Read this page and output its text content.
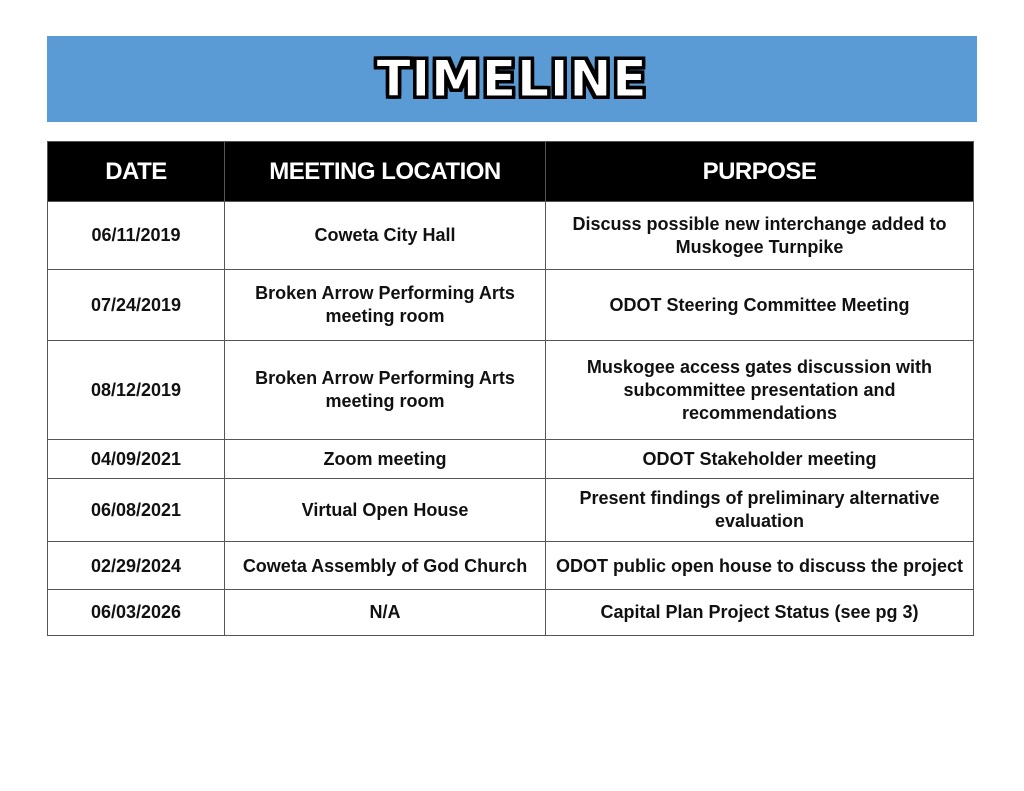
TIMELINE
DATE	MEETING LOCATION	PURPOSE
06/11/2019	Coweta City Hall	Discuss possible new interchange added to Muskogee Turnpike
07/24/2019	Broken Arrow Performing Arts meeting room	ODOT Steering Committee Meeting
08/12/2019	Broken Arrow Performing Arts meeting room	Muskogee access gates discussion with subcommittee presentation and recommendations
04/09/2021	Zoom meeting	ODOT Stakeholder meeting
06/08/2021	Virtual Open House	Present findings of preliminary alternative evaluation
02/29/2024	Coweta Assembly of God Church	ODOT public open house to discuss the project
06/03/2026	N/A	Capital Plan Project Status (see pg 3)
